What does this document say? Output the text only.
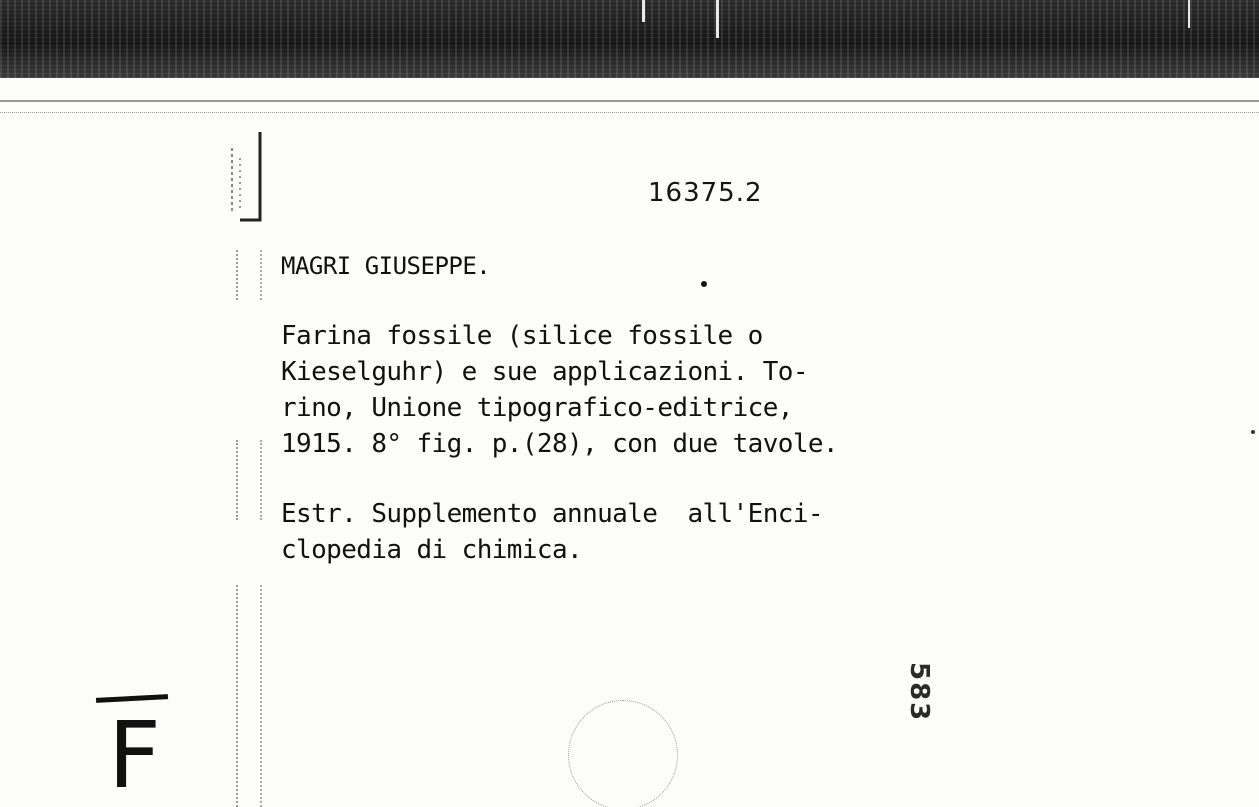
16375.2
MAGRI GIUSEPPE.
Farina fossile (silice fossile o
Kieselguhr) e sue applicazioni. To-
rino, Unione tipografico-editrice,
1915. 8° fig. p.(28), con due tavole.
Estr. Supplemento annuale  all'Enci-
clopedia di chimica.
583
F
